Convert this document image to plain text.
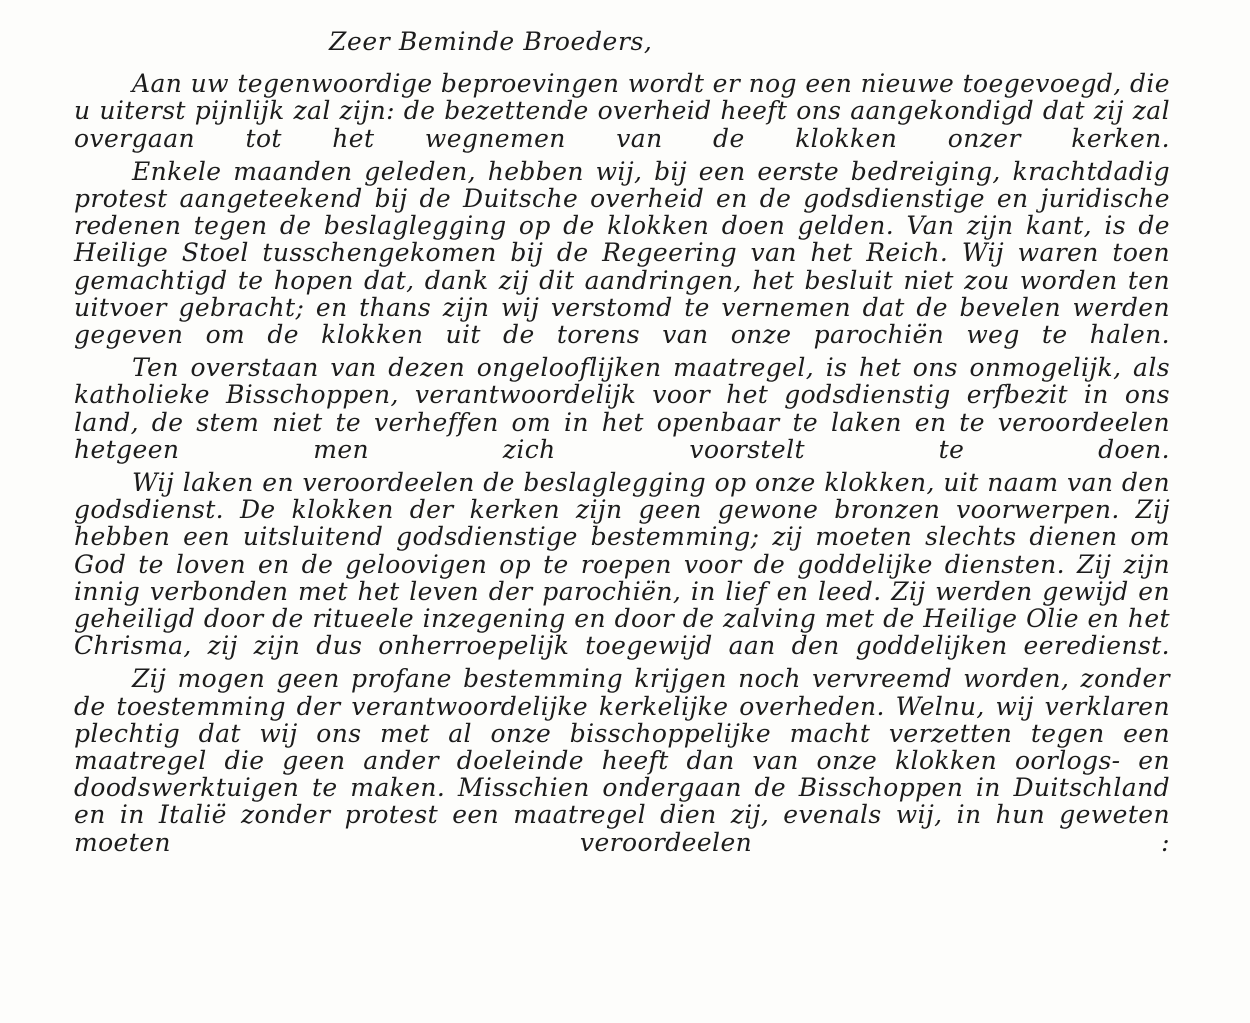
Zeer Beminde Broeders,

Aan uw tegenwoordige beproevingen wordt er nog een nieuwe toegevoegd, die u uiterst pijnlijk zal zijn: de bezettende overheid heeft ons aangekondigd dat zij zal overgaan tot het wegnemen van de klokken onzer kerken.

Enkele maanden geleden, hebben wij, bij een eerste bedreiging, krachtdadig protest aangeteekend bij de Duitsche overheid en de godsdienstige en juridische redenen tegen de beslaglegging op de klokken doen gelden. Van zijn kant, is de Heilige Stoel tusschengekomen bij de Regeering van het Reich. Wij waren toen gemachtigd te hopen dat, dank zij dit aandringen, het besluit niet zou worden ten uitvoer gebracht; en thans zijn wij verstomd te vernemen dat de bevelen werden gegeven om de klokken uit de torens van onze parochiën weg te halen.

Ten overstaan van dezen ongelooflijken maatregel, is het ons onmogelijk, als katholieke Bisschoppen, verantwoordelijk voor het godsdienstig erfbezit in ons land, de stem niet te verheffen om in het openbaar te laken en te veroordeelen hetgeen men zich voorstelt te doen.

Wij laken en veroordeelen de beslaglegging op onze klokken, uit naam van den godsdienst. De klokken der kerken zijn geen gewone bronzen voorwerpen. Zij hebben een uitsluitend godsdienstige bestemming; zij moeten slechts dienen om God te loven en de geloovigen op te roepen voor de goddelijke diensten. Zij zijn innig verbonden met het leven der parochiën, in lief en leed. Zij werden gewijd en geheiligd door de ritueele inzegening en door de zalving met de Heilige Olie en het Chrisma, zij zijn dus onherroepelijk toegewijd aan den goddelijken eeredienst.

Zij mogen geen profane bestemming krijgen noch vervreemd worden, zonder de toestemming der verantwoordelijke kerkelijke overheden. Welnu, wij verklaren plechtig dat wij ons met al onze bisschoppelijke macht verzetten tegen een maatregel die geen ander doeleinde heeft dan van onze klokken oorlogs- en doodswerktuigen te maken. Misschien ondergaan de Bisschoppen in Duitschland en in Italië zonder protest een maatregel dien zij, evenals wij, in hun geweten moeten veroordeelen :
